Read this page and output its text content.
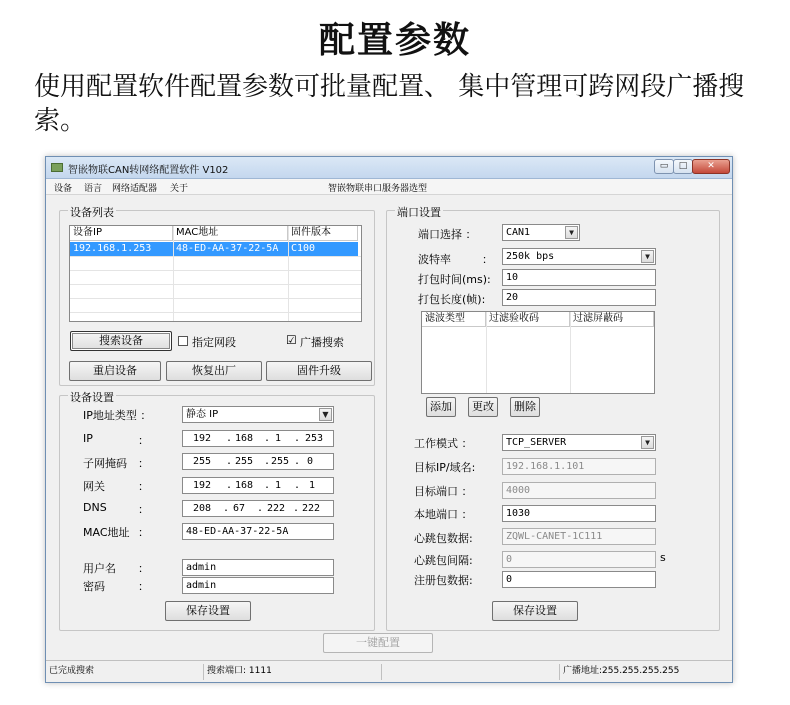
配置参数
使用配置软件配置参数可批量配置、 集中管理可跨网段广播搜索。
智嵌物联CAN转网络配置软件 V102	▭	□	✕
设备 语言 网络适配器 关于	智嵌物联串口服务器选型
设备列表
设备IP	MAC地址	固件版本
192.168.1.253	48-ED-AA-37-22-5A	C100
搜索设备	指定网段	☑ 广播搜索
重启设备	恢复出厂	固件升级
设备设置
IP地址类型 ：	静态 IP	▼
IP	：	192 . 168 . 1 . 253
子网掩码 ：	255 . 255 . 255 . 0
网关	：	192 . 168 . 1 . 1
DNS	：	208 . 67 . 222 . 222
MAC地址 ：	48-ED-AA-37-22-5A
用户名 ：	admin
密码	：	admin
保存设置
端口设置
端口选择 ：	CAN1	▼
波特率	：	250k bps	▼
打包时间(ms):	10
打包长度(帧):	20
滤波类型	过滤验收码	过滤屏蔽码
添加	更改	删除
工作模式 ：	TCP_SERVER	▼
目标IP/域名:	192.168.1.101
目标端口 ：	4000
本地端口 ：	1030
心跳包数据:	ZQWL-CANET-1C111
心跳包间隔:	0	s
注册包数据:	0
保存设置
一键配置
已完成搜索	搜索端口: 1111	广播地址:255.255.255.255
